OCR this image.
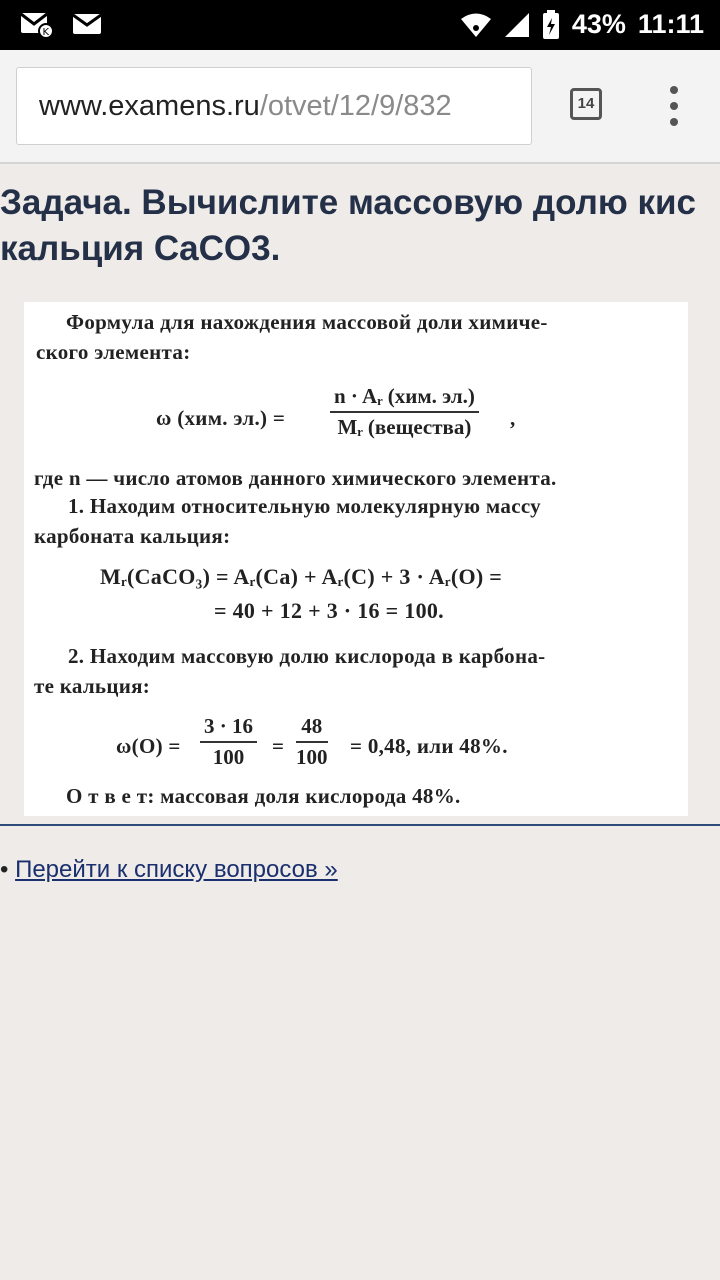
K	43% 11:11
www.examens.ru/otvet/12/9/832	14
Задача. Вычислите массовую долю кис
кальция CaCO3.
Формула для нахождения массовой доли химиче-
ского элемента:
ω (хим. эл.) =
n · Aᵣ (хим. эл.)
Mᵣ (вещества)	,
где n — число атомов данного химического элемента.
1. Находим относительную молекулярную массу
карбоната кальция:
Mᵣ(CaCO₃) = Aᵣ(Ca) + Aᵣ(C) + 3 · Aᵣ(O) =
= 40 + 12 + 3 · 16 = 100.
2. Находим массовую долю кислорода в карбона-
те кальция:
$\omega(O) = \frac{3 \cdot 16}{100} = \frac{48}{100} = 0,48$, или 48%.
О т в е т: массовая доля кислорода 48%.
• Перейти к списку вопросов »
